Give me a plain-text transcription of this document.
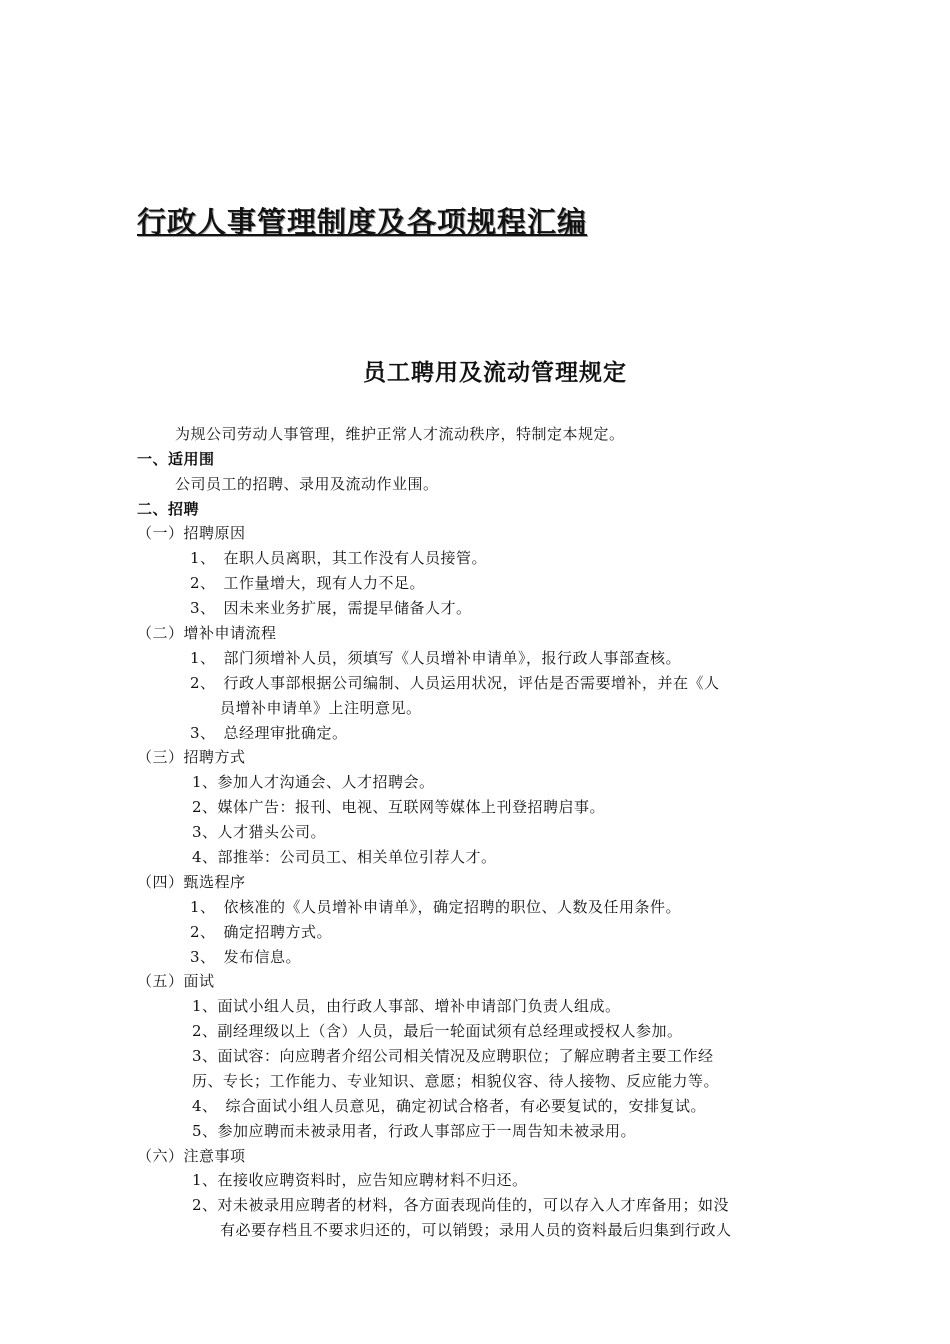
行政人事管理制度及各项规程汇编
员工聘用及流动管理规定

为规公司劳动人事管理，维护正常人才流动秩序，特制定本规定。

一、适用围

公司员工的招聘、录用及流动作业围。

二、招聘

（一）招聘原因

1、　在职人员离职，其工作没有人员接管。

2、　工作量增大，现有人力不足。

3、　因未来业务扩展，需提早储备人才。

（二）增补申请流程

1、　部门须增补人员，须填写《人员增补申请单》，报行政人事部查核。

2、　行政人事部根据公司编制、人员运用状况，评估是否需要增补，并在《人

员增补申请单》上注明意见。

3、　总经理审批确定。

（三）招聘方式

1、参加人才沟通会、人才招聘会。

2、媒体广告：报刊、电视、互联网等媒体上刊登招聘启事。

3、人才猎头公司。

4、部推举：公司员工、相关单位引荐人才。

（四）甄选程序

1、　依核准的《人员增补申请单》，确定招聘的职位、人数及任用条件。

2、　确定招聘方式。

3、　发布信息。

（五）面试

1、面试小组人员，由行政人事部、增补申请部门负责人组成。

2、副经理级以上（含）人员，最后一轮面试须有总经理或授权人参加。

3、面试容：向应聘者介绍公司相关情况及应聘职位；了解应聘者主要工作经

历、专长；工作能力、专业知识、意愿；相貌仪容、待人接物、反应能力等。

4、　综合面试小组人员意见，确定初试合格者，有必要复试的，安排复试。

5、参加应聘而未被录用者，行政人事部应于一周告知未被录用。

（六）注意事项

1、在接收应聘资料时，应告知应聘材料不归还。

2、对未被录用应聘者的材料，各方面表现尚佳的，可以存入人才库备用；如没

有必要存档且不要求归还的，可以销毁；录用人员的资料最后归集到行政人
